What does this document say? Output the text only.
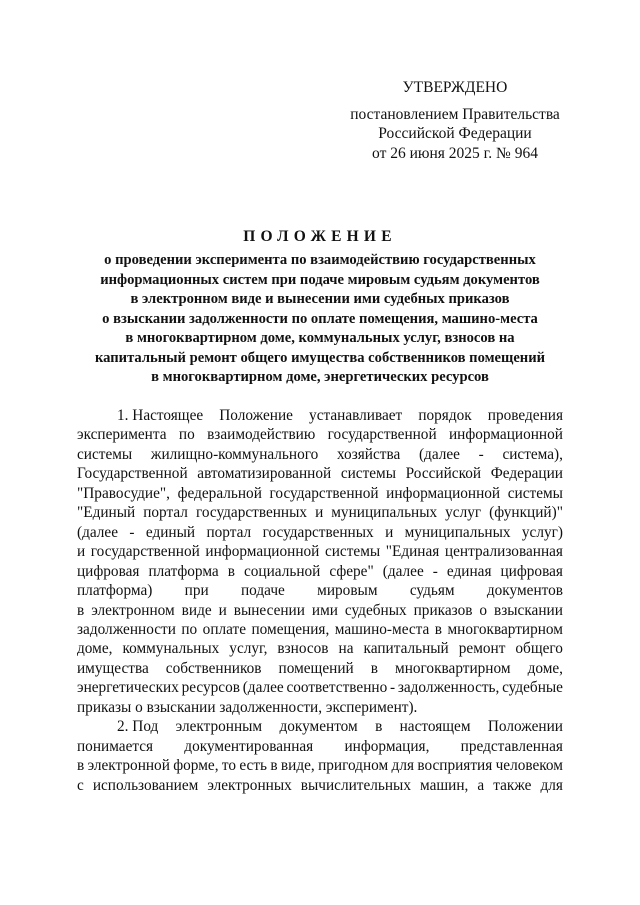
УТВЕРЖДЕНО
постановлением Правительства
Российской Федерации
от 26 июня 2025 г. № 964
ПОЛОЖЕНИЕ
о проведении эксперимента по взаимодействию государственных
информационных систем при подаче мировым судьям документов
в электронном виде и вынесении ими судебных приказов
о взыскании задолженности по оплате помещения, машино-места
в многоквартирном доме, коммунальных услуг, взносов на
капитальный ремонт общего имущества собственников помещений
в многоквартирном доме, энергетических ресурсов
1. Настоящее Положение устанавливает порядок проведения
эксперимента по взаимодействию государственной информационной
системы жилищно-коммунального хозяйства (далее - система),
Государственной автоматизированной системы Российской Федерации
"Правосудие", федеральной государственной информационной системы
"Единый портал государственных и муниципальных услуг (функций)"
(далее - единый портал государственных и муниципальных услуг)
и государственной информационной системы "Единая централизованная
цифровая платформа в социальной сфере" (далее - единая цифровая
платформа) при подаче мировым судьям документов
в электронном виде и вынесении ими судебных приказов о взыскании
задолженности по оплате помещения, машино-места в многоквартирном
доме, коммунальных услуг, взносов на капитальный ремонт общего
имущества собственников помещений в многоквартирном доме,
энергетических ресурсов (далее соответственно - задолженность, судебные
приказы о взыскании задолженности, эксперимент).
2. Под электронным документом в настоящем Положении
понимается документированная информация, представленная
в электронной форме, то есть в виде, пригодном для восприятия человеком
с использованием электронных вычислительных машин, а также для
